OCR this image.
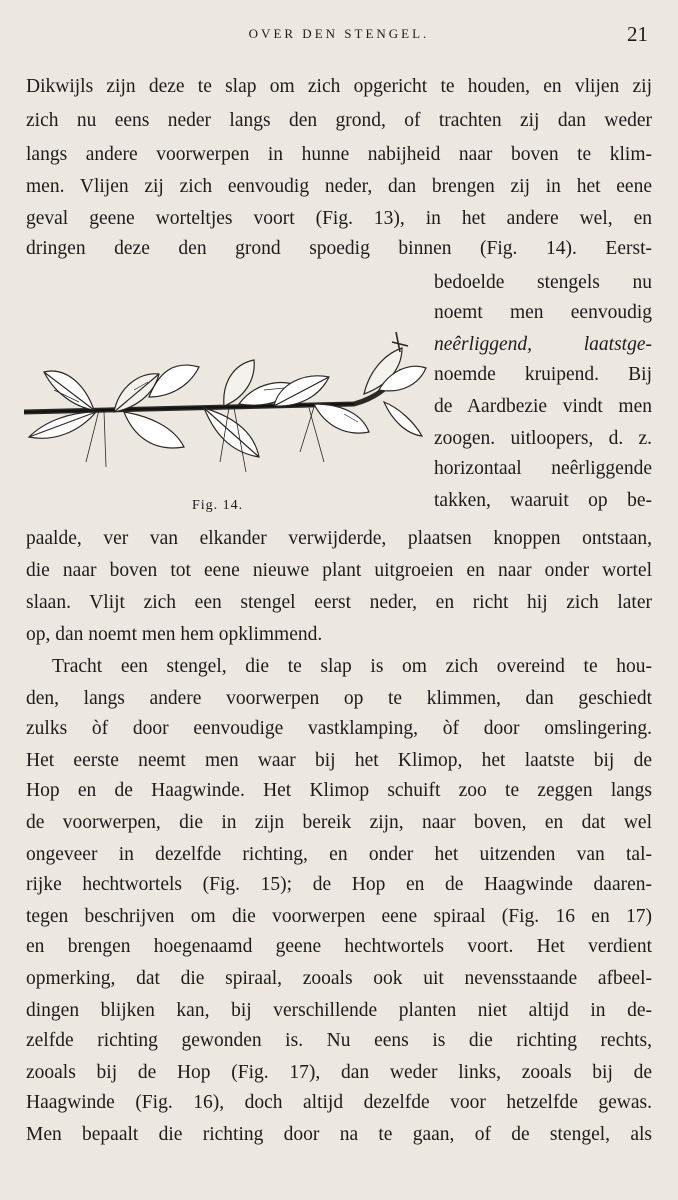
OVER DEN STENGEL.	21
Dikwijls zijn deze te slap om zich opgericht te houden, en vlijen zij
zich nu eens neder langs den grond, of trachten zij dan weder
langs andere voorwerpen in hunne nabijheid naar boven te klim-
men. Vlijen zij zich eenvoudig neder, dan brengen zij in het eene
geval geene worteltjes voort (Fig. 13), in het andere wel, en
dringen deze den grond spoedig binnen (Fig. 14). Eerst-
bedoelde stengels nu
noemt men eenvoudig
neêrliggend, laatstge-
noemde kruipend. Bij
de Aardbezie vindt men
zoogen. uitloopers, d. z.
horizontaal neêrliggende
takken, waaruit op be-
Fig. 14.
paalde, ver van elkander verwijderde, plaatsen knoppen ontstaan,
die naar boven tot eene nieuwe plant uitgroeien en naar onder wortel
slaan. Vlijt zich een stengel eerst neder, en richt hij zich later
op, dan noemt men hem opklimmend.
Tracht een stengel, die te slap is om zich overeind te hou-
den, langs andere voorwerpen op te klimmen, dan geschiedt
zulks òf door eenvoudige vastklamping, òf door omslingering.
Het eerste neemt men waar bij het Klimop, het laatste bij de
Hop en de Haagwinde. Het Klimop schuift zoo te zeggen langs
de voorwerpen, die in zijn bereik zijn, naar boven, en dat wel
ongeveer in dezelfde richting, en onder het uitzenden van tal-
rijke hechtwortels (Fig. 15); de Hop en de Haagwinde daaren-
tegen beschrijven om die voorwerpen eene spiraal (Fig. 16 en 17)
en brengen hoegenaamd geene hechtwortels voort. Het verdient
opmerking, dat die spiraal, zooals ook uit nevensstaande afbeel-
dingen blijken kan, bij verschillende planten niet altijd in de-
zelfde richting gewonden is. Nu eens is die richting rechts,
zooals bij de Hop (Fig. 17), dan weder links, zooals bij de
Haagwinde (Fig. 16), doch altijd dezelfde voor hetzelfde gewas.
Men bepaalt die richting door na te gaan, of de stengel, als
